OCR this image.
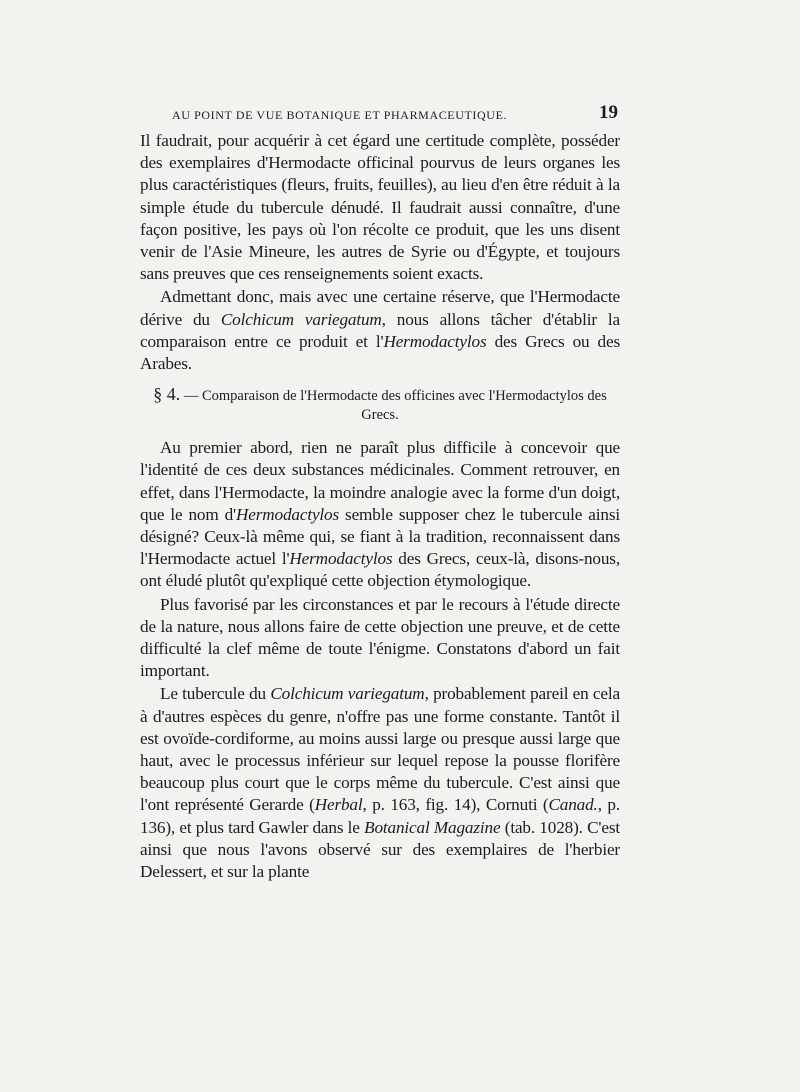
AU POINT DE VUE BOTANIQUE ET PHARMACEUTIQUE.	19

Il faudrait, pour acquérir à cet égard une certitude complète, posséder des exemplaires d'Hermodacte officinal pourvus de leurs organes les plus caractéristiques (fleurs, fruits, feuilles), au lieu d'en être réduit à la simple étude du tubercule dénudé. Il faudrait aussi connaître, d'une façon positive, les pays où l'on récolte ce produit, que les uns disent venir de l'Asie Mineure, les autres de Syrie ou d'Égypte, et toujours sans preuves que ces renseignements soient exacts.

Admettant donc, mais avec une certaine réserve, que l'Hermodacte dérive du Colchicum variegatum, nous allons tâcher d'établir la comparaison entre ce produit et l'Hermodactylos des Grecs ou des Arabes.

§ 4. — Comparaison de l'Hermodacte des officines avec l'Hermodactylos des Grecs.

Au premier abord, rien ne paraît plus difficile à concevoir que l'identité de ces deux substances médicinales. Comment retrouver, en effet, dans l'Hermodacte, la moindre analogie avec la forme d'un doigt, que le nom d'Hermodactylos semble supposer chez le tubercule ainsi désigné? Ceux-là même qui, se fiant à la tradition, reconnaissent dans l'Hermodacte actuel l'Hermodactylos des Grecs, ceux-là, disons-nous, ont éludé plutôt qu'expliqué cette objection étymologique.

Plus favorisé par les circonstances et par le recours à l'étude directe de la nature, nous allons faire de cette objection une preuve, et de cette difficulté la clef même de toute l'énigme. Constatons d'abord un fait important.

Le tubercule du Colchicum variegatum, probablement pareil en cela à d'autres espèces du genre, n'offre pas une forme constante. Tantôt il est ovoïde-cordiforme, au moins aussi large ou presque aussi large que haut, avec le processus inférieur sur lequel repose la pousse florifère beaucoup plus court que le corps même du tubercule. C'est ainsi que l'ont représenté Gerarde (Herbal, p. 163, fig. 14), Cornuti (Canad., p. 136), et plus tard Gawler dans le Botanical Magazine (tab. 1028). C'est ainsi que nous l'avons observé sur des exemplaires de l'herbier Delessert, et sur la plante
